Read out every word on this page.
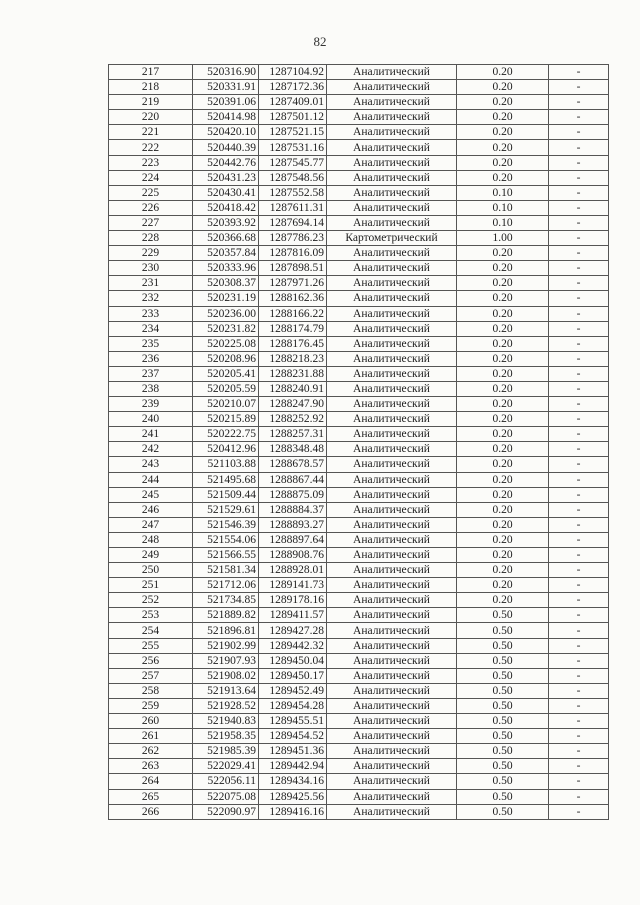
82
217	520316.90	1287104.92	Аналитический	0.20	-
218	520331.91	1287172.36	Аналитический	0.20	-
219	520391.06	1287409.01	Аналитический	0.20	-
220	520414.98	1287501.12	Аналитический	0.20	-
221	520420.10	1287521.15	Аналитический	0.20	-
222	520440.39	1287531.16	Аналитический	0.20	-
223	520442.76	1287545.77	Аналитический	0.20	-
224	520431.23	1287548.56	Аналитический	0.20	-
225	520430.41	1287552.58	Аналитический	0.10	-
226	520418.42	1287611.31	Аналитический	0.10	-
227	520393.92	1287694.14	Аналитический	0.10	-
228	520366.68	1287786.23	Картометрический	1.00	-
229	520357.84	1287816.09	Аналитический	0.20	-
230	520333.96	1287898.51	Аналитический	0.20	-
231	520308.37	1287971.26	Аналитический	0.20	-
232	520231.19	1288162.36	Аналитический	0.20	-
233	520236.00	1288166.22	Аналитический	0.20	-
234	520231.82	1288174.79	Аналитический	0.20	-
235	520225.08	1288176.45	Аналитический	0.20	-
236	520208.96	1288218.23	Аналитический	0.20	-
237	520205.41	1288231.88	Аналитический	0.20	-
238	520205.59	1288240.91	Аналитический	0.20	-
239	520210.07	1288247.90	Аналитический	0.20	-
240	520215.89	1288252.92	Аналитический	0.20	-
241	520222.75	1288257.31	Аналитический	0.20	-
242	520412.96	1288348.48	Аналитический	0.20	-
243	521103.88	1288678.57	Аналитический	0.20	-
244	521495.68	1288867.44	Аналитический	0.20	-
245	521509.44	1288875.09	Аналитический	0.20	-
246	521529.61	1288884.37	Аналитический	0.20	-
247	521546.39	1288893.27	Аналитический	0.20	-
248	521554.06	1288897.64	Аналитический	0.20	-
249	521566.55	1288908.76	Аналитический	0.20	-
250	521581.34	1288928.01	Аналитический	0.20	-
251	521712.06	1289141.73	Аналитический	0.20	-
252	521734.85	1289178.16	Аналитический	0.20	-
253	521889.82	1289411.57	Аналитический	0.50	-
254	521896.81	1289427.28	Аналитический	0.50	-
255	521902.99	1289442.32	Аналитический	0.50	-
256	521907.93	1289450.04	Аналитический	0.50	-
257	521908.02	1289450.17	Аналитический	0.50	-
258	521913.64	1289452.49	Аналитический	0.50	-
259	521928.52	1289454.28	Аналитический	0.50	-
260	521940.83	1289455.51	Аналитический	0.50	-
261	521958.35	1289454.52	Аналитический	0.50	-
262	521985.39	1289451.36	Аналитический	0.50	-
263	522029.41	1289442.94	Аналитический	0.50	-
264	522056.11	1289434.16	Аналитический	0.50	-
265	522075.08	1289425.56	Аналитический	0.50	-
266	522090.97	1289416.16	Аналитический	0.50	-
